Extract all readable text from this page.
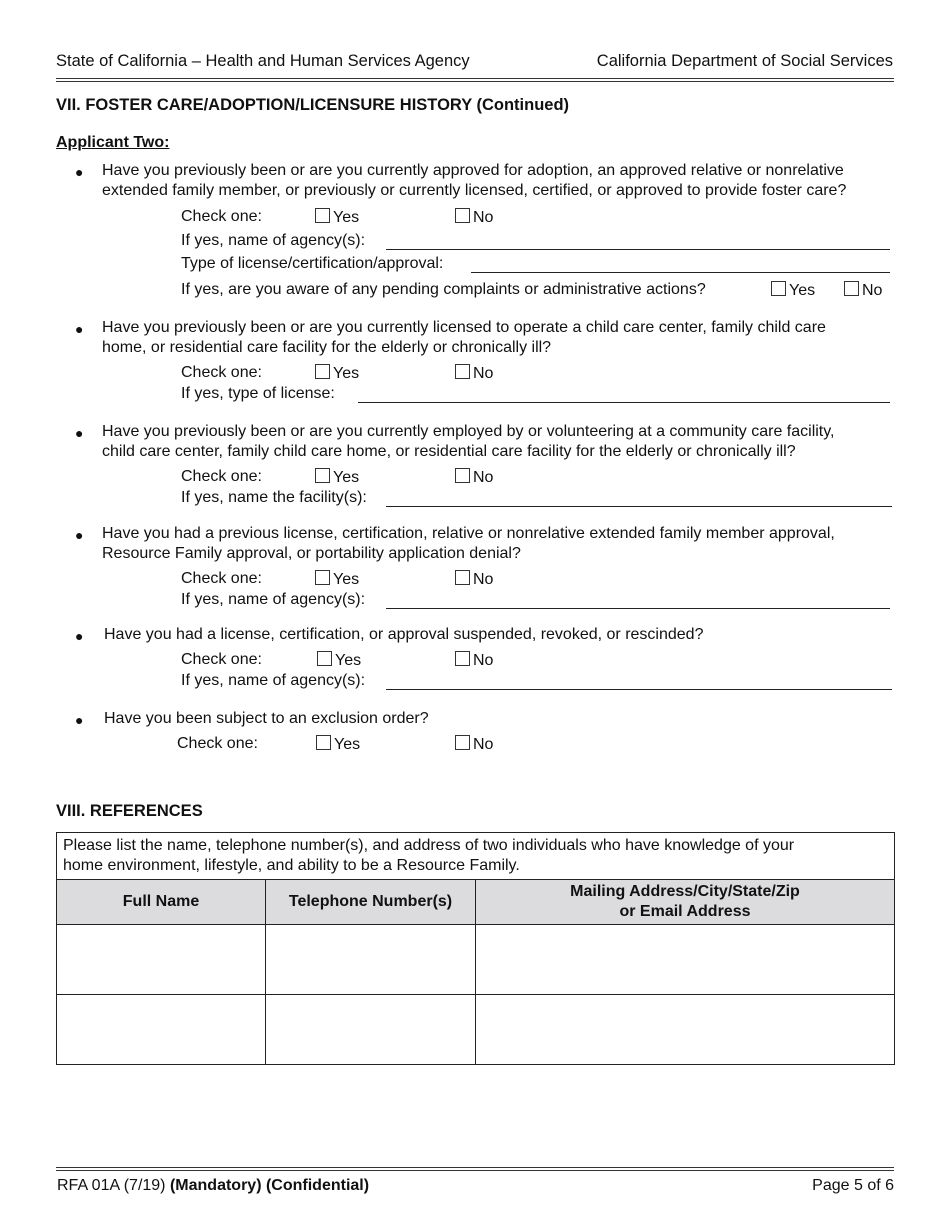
State of California – Health and Human Services Agency	California Department of Social Services
VII. FOSTER CARE/ADOPTION/LICENSURE HISTORY (Continued)
Applicant Two:
● Have you previously been or are you currently approved for adoption, an approved relative or nonrelative
extended family member, or previously or currently licensed, certified, or approved to provide foster care?
Check one:	Yes	No
If yes, name of agency(s):
Type of license/certification/approval:
If yes, are you aware of any pending complaints or administrative actions?	Yes	No
● Have you previously been or are you currently licensed to operate a child care center, family child care
home, or residential care facility for the elderly or chronically ill?
Check one:	Yes	No
If yes, type of license:
● Have you previously been or are you currently employed by or volunteering at a community care facility,
child care center, family child care home, or residential care facility for the elderly or chronically ill?
Check one:	Yes	No
If yes, name the facility(s):
● Have you had a previous license, certification, relative or nonrelative extended family member approval,
Resource Family approval, or portability application denial?
Check one:	Yes	No
If yes, name of agency(s):
● Have you had a license, certification, or approval suspended, revoked, or rescinded?
Check one:	Yes	No
If yes, name of agency(s):
● Have you been subject to an exclusion order?
Check one:	Yes	No
VIII. REFERENCES
Please list the name, telephone number(s), and address of two individuals who have knowledge of your
home environment, lifestyle, and ability to be a Resource Family.		

Full Name	Telephone Number(s)	Mailing Address/City/State/Zip
or Email Address

RFA 01A (7/19) (Mandatory) (Confidential)	Page 5 of 6
